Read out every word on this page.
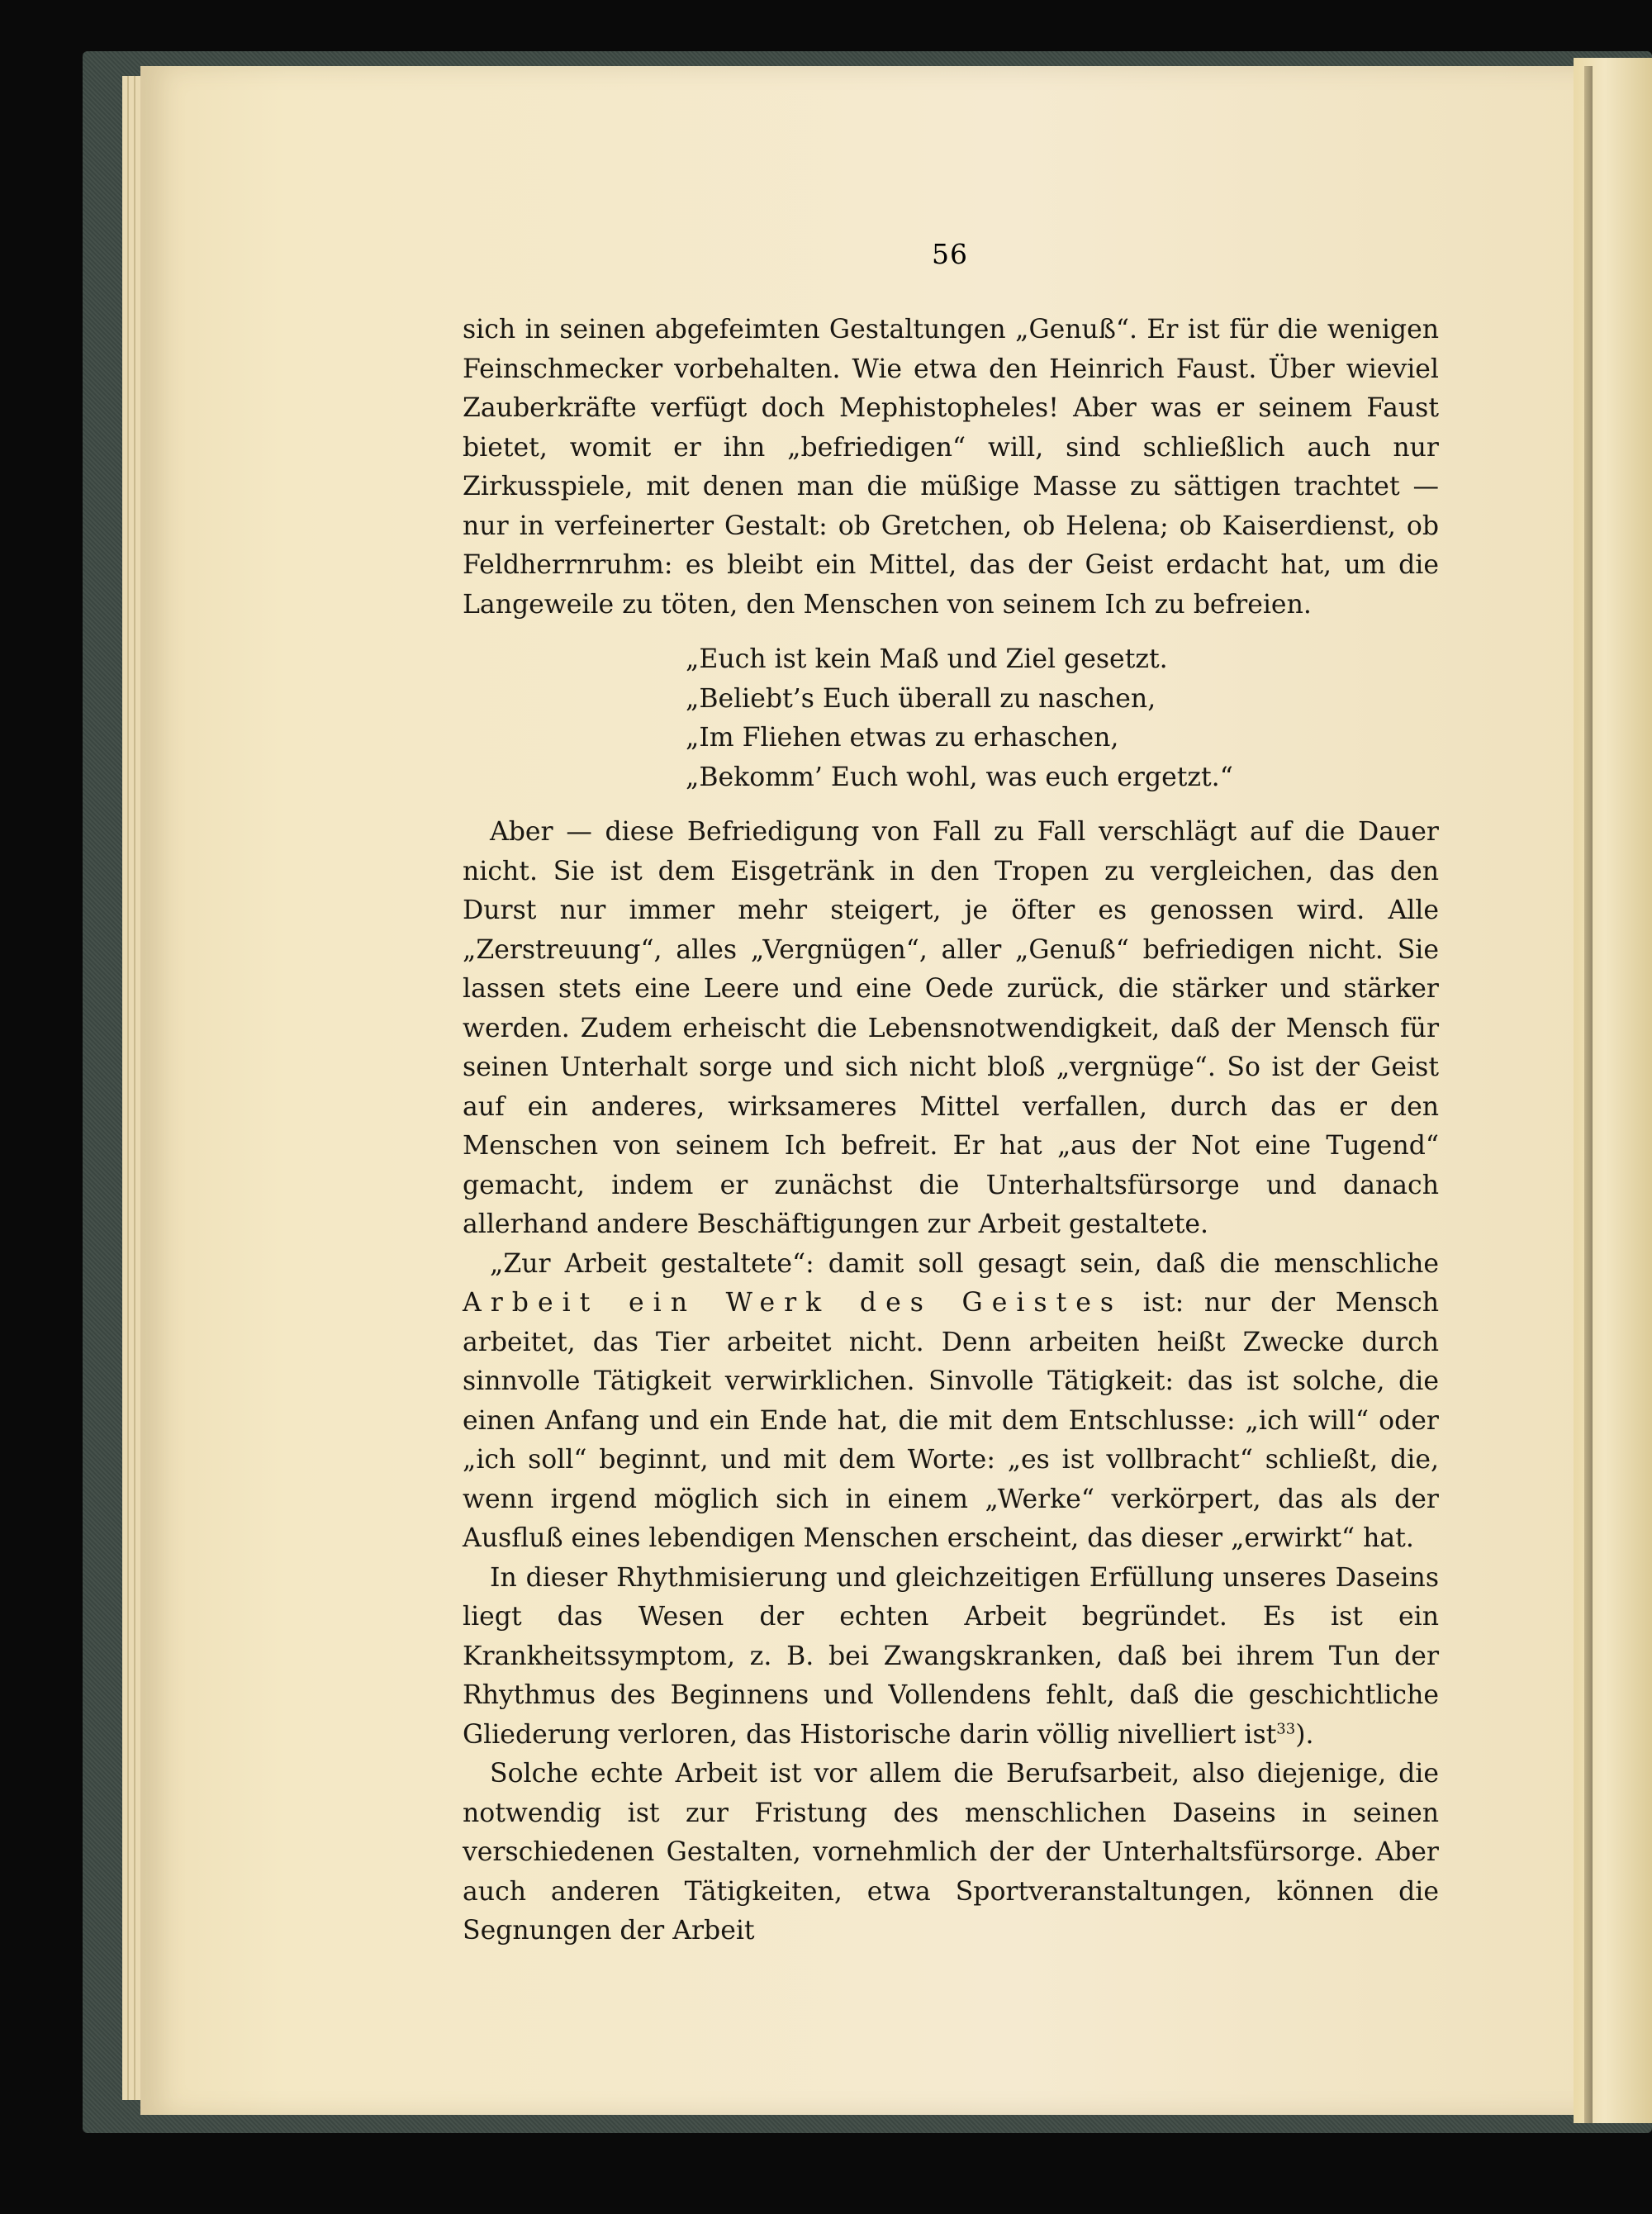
56

sich in seinen abgefeimten Gestaltungen „Genuß“. Er ist für die wenigen Feinschmecker vorbehalten. Wie etwa den Heinrich Faust. Über wieviel Zauberkräfte verfügt doch Mephistopheles! Aber was er seinem Faust bietet, womit er ihn „befriedigen“ will, sind schließlich auch nur Zirkusspiele, mit denen man die müßige Masse zu sättigen trachtet — nur in verfeinerter Gestalt: ob Gretchen, ob Helena; ob Kaiserdienst, ob Feldherrnruhm: es bleibt ein Mittel, das der Geist erdacht hat, um die Langeweile zu töten, den Menschen von seinem Ich zu befreien.

„Euch ist kein Maß und Ziel gesetzt.
„Beliebt’s Euch überall zu naschen,
„Im Fliehen etwas zu erhaschen,
„Bekomm’ Euch wohl, was euch ergetzt.“

Aber — diese Befriedigung von Fall zu Fall verschlägt auf die Dauer nicht. Sie ist dem Eisgetränk in den Tropen zu vergleichen, das den Durst nur immer mehr steigert, je öfter es genossen wird. Alle „Zerstreuung“, alles „Vergnügen“, aller „Genuß“ befriedigen nicht. Sie lassen stets eine Leere und eine Oede zurück, die stärker und stärker werden. Zudem erheischt die Lebensnotwendigkeit, daß der Mensch für seinen Unterhalt sorge und sich nicht bloß „vergnüge“. So ist der Geist auf ein anderes, wirksameres Mittel verfallen, durch das er den Menschen von seinem Ich befreit. Er hat „aus der Not eine Tugend“ gemacht, indem er zunächst die Unterhaltsfürsorge und danach allerhand andere Beschäftigungen zur Arbeit gestaltete.

„Zur Arbeit gestaltete“: damit soll gesagt sein, daß die menschliche Arbeit ein Werk des Geistes ist: nur der Mensch arbeitet, das Tier arbeitet nicht. Denn arbeiten heißt Zwecke durch sinnvolle Tätigkeit verwirklichen. Sinvolle Tätigkeit: das ist solche, die einen Anfang und ein Ende hat, die mit dem Entschlusse: „ich will“ oder „ich soll“ beginnt, und mit dem Worte: „es ist vollbracht“ schließt, die, wenn irgend möglich sich in einem „Werke“ verkörpert, das als der Ausfluß eines lebendigen Menschen erscheint, das dieser „erwirkt“ hat.

In dieser Rhythmisierung und gleichzeitigen Erfüllung unseres Daseins liegt das Wesen der echten Arbeit begründet. Es ist ein Krankheitssymptom, z. B. bei Zwangskranken, daß bei ihrem Tun der Rhythmus des Beginnens und Vollendens fehlt, daß die geschichtliche Gliederung verloren, das Historische darin völlig nivelliert ist$^{33}$).

Solche echte Arbeit ist vor allem die Berufsarbeit, also diejenige, die notwendig ist zur Fristung des menschlichen Daseins in seinen verschiedenen Gestalten, vornehmlich der der Unterhaltsfürsorge. Aber auch anderen Tätigkeiten, etwa Sportveranstaltungen, können die Segnungen der Arbeit
